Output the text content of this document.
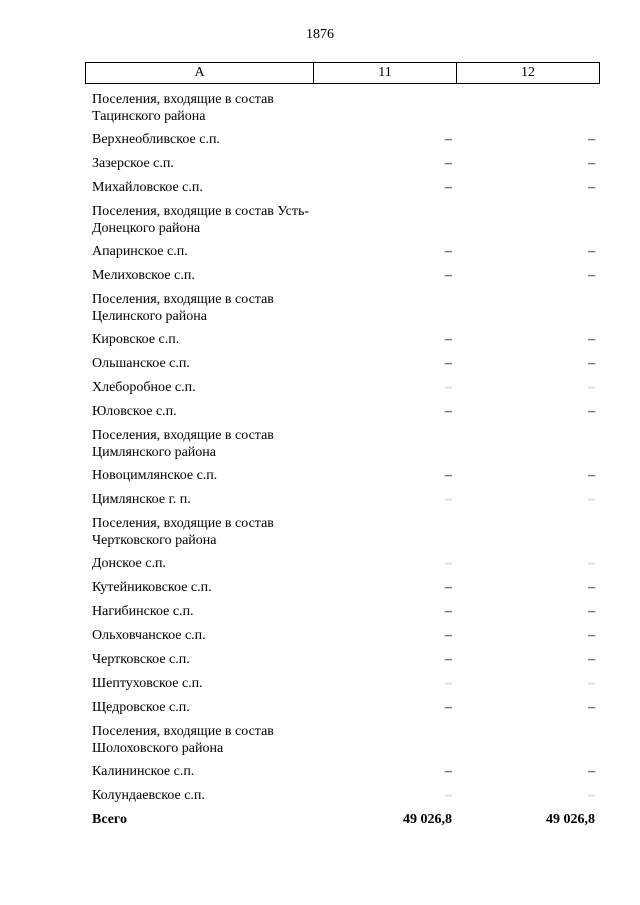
1876
А	11	12
Поселения, входящие в состав Тацинского района
Верхнеобливское с.п.	–	–
Зазерское с.п.	–	–
Михайловское с.п.	–	–
Поселения, входящие в состав Усть-Донецкого района
Апаринское с.п.	–	–
Мелиховское с.п.	–	–
Поселения, входящие в состав Целинского района
Кировское с.п.	–	–
Ольшанское с.п.	–	–
Хлеборобное с.п.	–	–
Юловское с.п.	–	–
Поселения, входящие в состав Цимлянского района
Новоцимлянское с.п.	–	–
Цимлянское г. п.	–	–
Поселения, входящие в состав Чертковского района
Донское с.п.	–	–
Кутейниковское с.п.	–	–
Нагибинское с.п.	–	–
Ольховчанское с.п.	–	–
Чертковское с.п.	–	–
Шептуховское с.п.	–	–
Щедровское с.п.	–	–
Поселения, входящие в состав Шолоховского района
Калининское с.п.	–	–
Колундаевское с.п.	–	–
Всего	49 026,8	49 026,8
